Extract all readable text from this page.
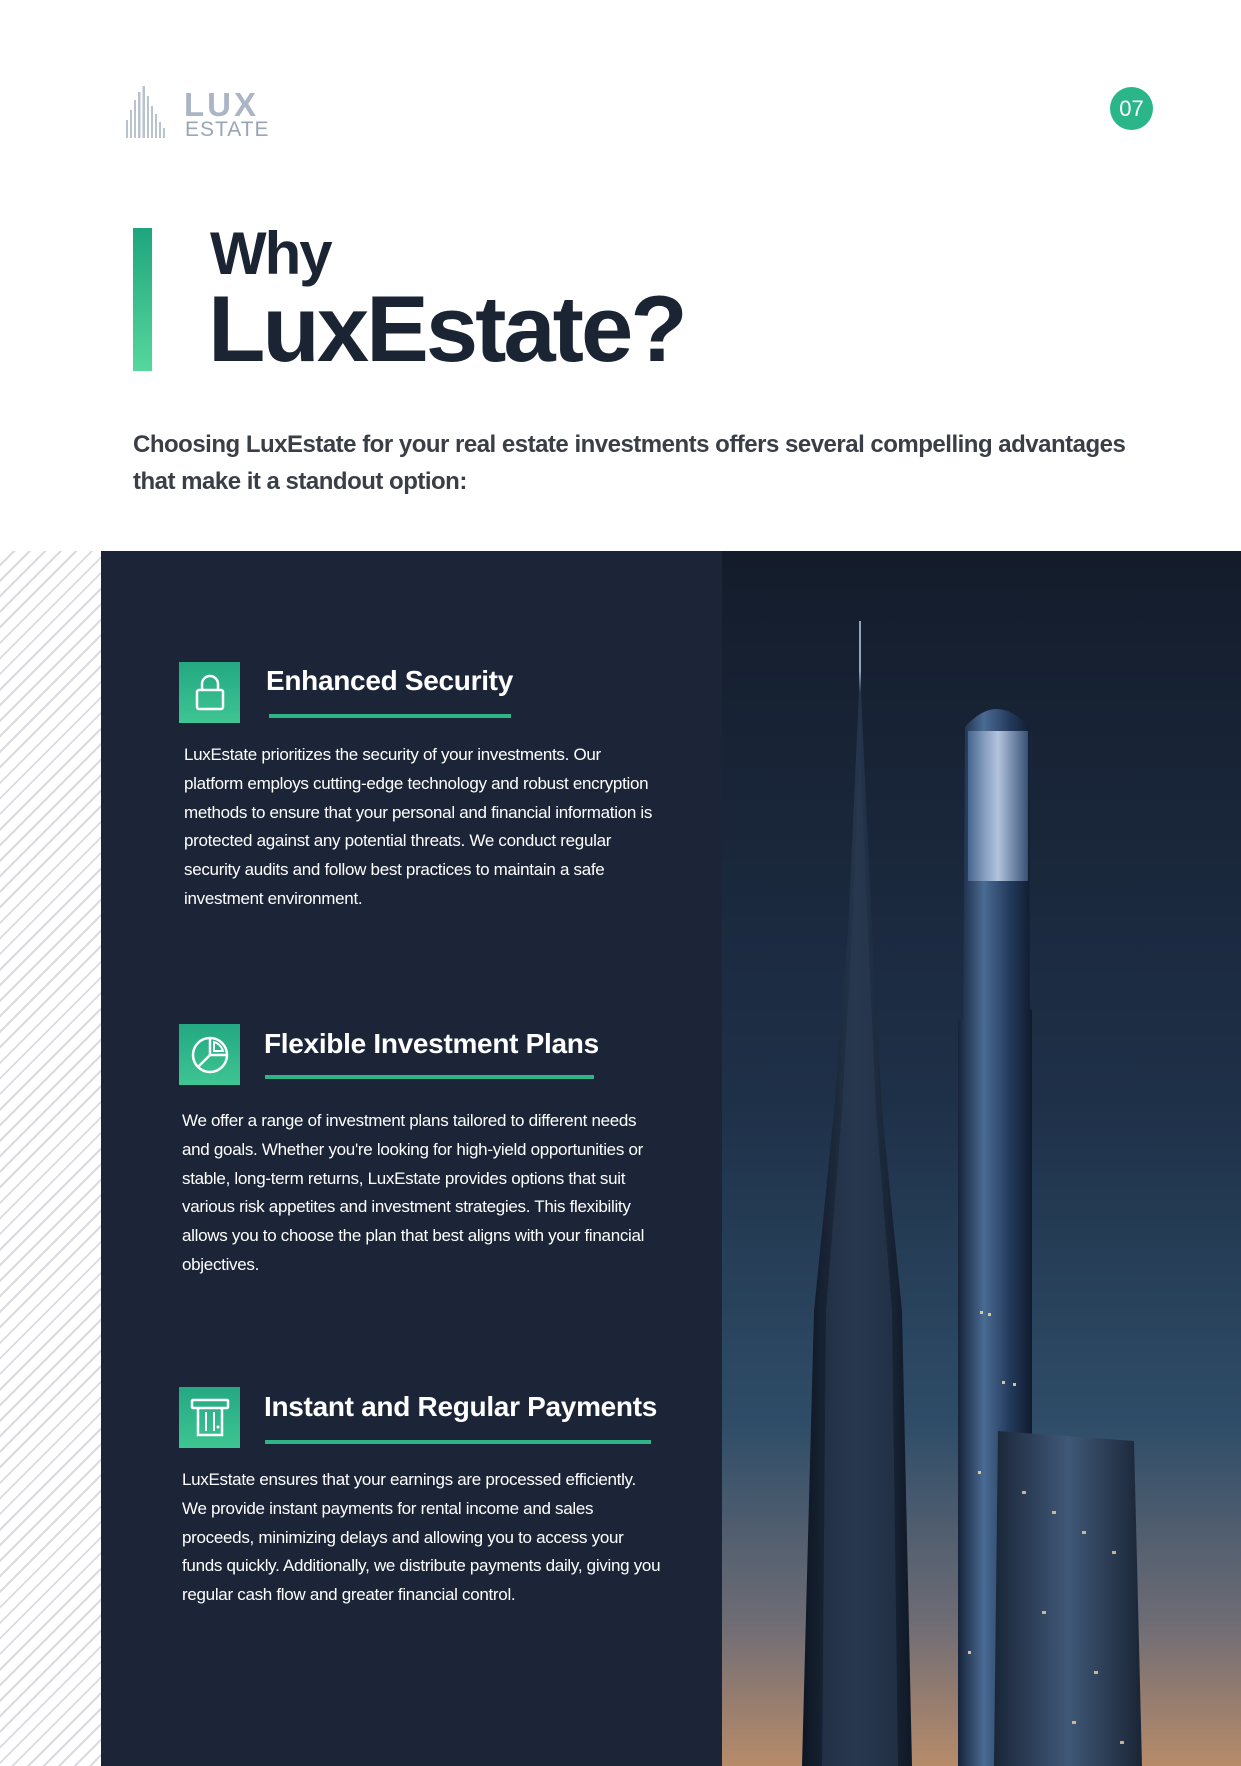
LUX
ESTATE
07
Why
LuxEstate?

Choosing LuxEstate for your real estate investments offers several compelling advantages that make it a standout option:

Enhanced Security

LuxEstate prioritizes the security of your investments. Our platform employs cutting-edge technology and robust encryption methods to ensure that your personal and financial information is protected against any potential threats. We conduct regular security audits and follow best practices to maintain a safe investment environment.

Flexible Investment Plans

We offer a range of investment plans tailored to different needs and goals. Whether you're looking for high-yield opportunities or stable, long-term returns, LuxEstate provides options that suit various risk appetites and investment strategies. This flexibility allows you to choose the plan that best aligns with your financial objectives.

Instant and Regular Payments

LuxEstate ensures that your earnings are processed efficiently. We provide instant payments for rental income and sales proceeds, minimizing delays and allowing you to access your funds quickly. Additionally, we distribute payments daily, giving you regular cash flow and greater financial control.
